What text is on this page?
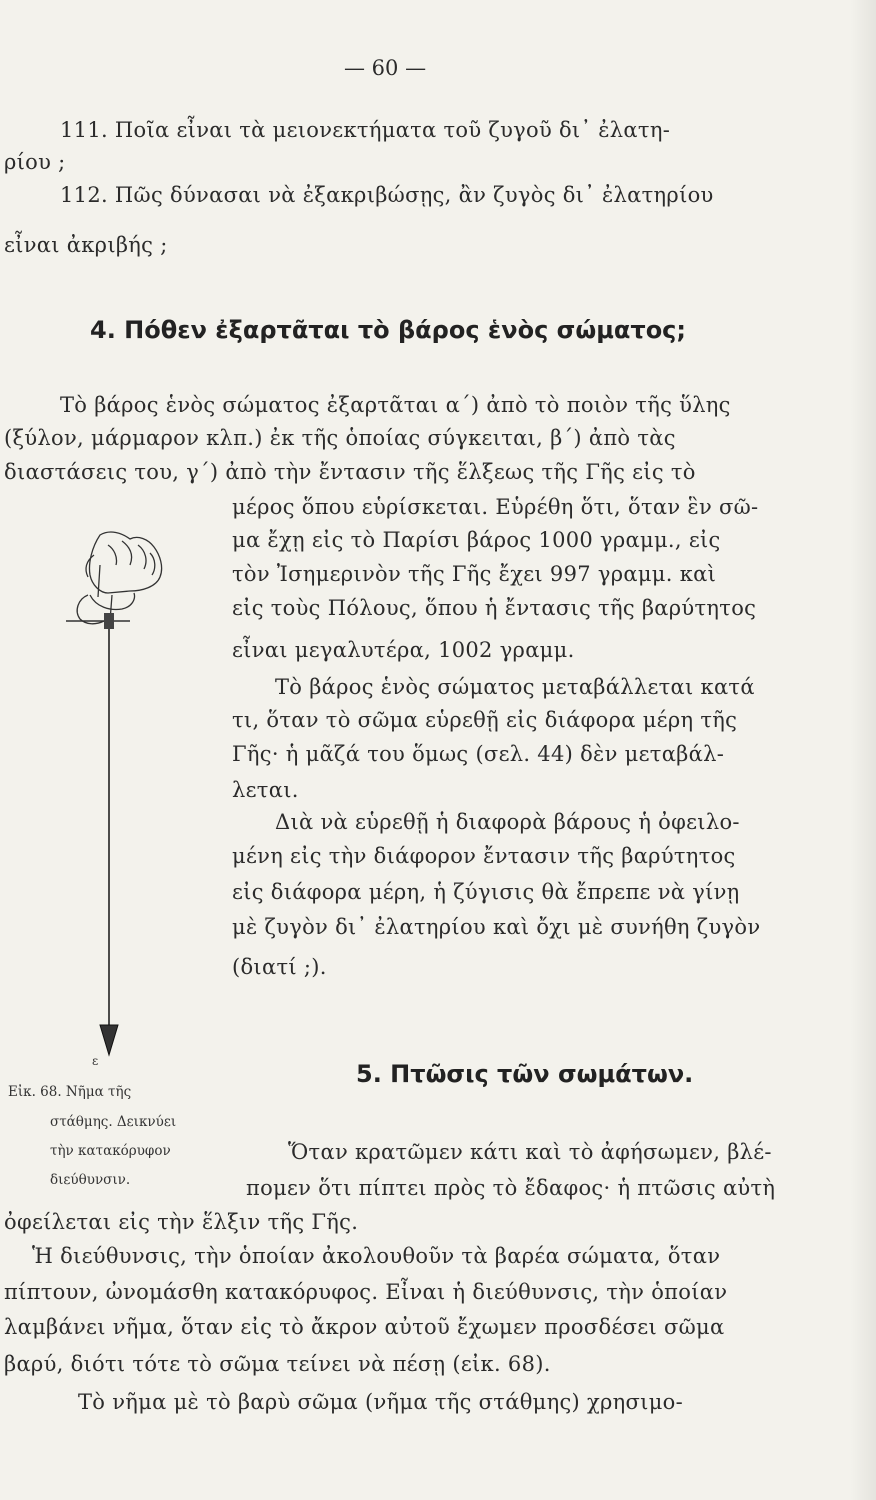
— 60 —
111. Ποῖα εἶναι τὰ μειονεκτήματα τοῦ ζυγοῦ δι᾽ ἐλατη-
ρίου ;
112. Πῶς δύνασαι νὰ ἐξακριβώσῃς, ἂν ζυγὸς δι᾽ ἐλατηρίου
εἶναι ἀκριβής ;
4. Πόθεν ἐξαρτᾶται τὸ βάρος ἑνὸς σώματος;
Τὸ βάρος ἑνὸς σώματος ἐξαρτᾶται α΄) ἀπὸ τὸ ποιὸν τῆς ὕλης
(ξύλον, μάρμαρον κλπ.) ἐκ τῆς ὁποίας σύγκειται, β΄) ἀπὸ τὰς
διαστάσεις του, γ΄) ἀπὸ τὴν ἔντασιν τῆς ἕλξεως τῆς Γῆς εἰς τὸ
μέρος ὅπου εὑρίσκεται. Εὑρέθη ὅτι, ὅταν ἓν σῶ-
μα ἔχῃ εἰς τὸ Παρίσι βάρος 1000 γραμμ., εἰς
τὸν Ἰσημερινὸν τῆς Γῆς ἔχει 997 γραμμ. καὶ
εἰς τοὺς Πόλους, ὅπου ἡ ἔντασις τῆς βαρύτητος
εἶναι μεγαλυτέρα, 1002 γραμμ.
Τὸ βάρος ἑνὸς σώματος μεταβάλλεται κατά
τι, ὅταν τὸ σῶμα εὑρεθῇ εἰς διάφορα μέρη τῆς
Γῆς· ἡ μᾶζά του ὅμως (σελ. 44) δὲν μεταβάλ-
λεται.
Διὰ νὰ εὑρεθῇ ἡ διαφορὰ βάρους ἡ ὀφειλο-
μένη εἰς τὴν διάφορον ἔντασιν τῆς βαρύτητος
εἰς διάφορα μέρη, ἡ ζύγισις θὰ ἔπρεπε νὰ γίνῃ
μὲ ζυγὸν δι᾽ ἐλατηρίου καὶ ὄχι μὲ συνήθη ζυγὸν
(διατί ;).
ε
Εἰκ. 68. Νῆμα τῆς
στάθμης. Δεικνύει
τὴν κατακόρυφον
διεύθυνσιν.
5. Πτῶσις τῶν σωμάτων.
Ὅταν κρατῶμεν κάτι καὶ τὸ ἀφήσωμεν, βλέ-
πομεν ὅτι πίπτει πρὸς τὸ ἔδαφος· ἡ πτῶσις αὐτὴ
ὀφείλεται εἰς τὴν ἕλξιν τῆς Γῆς.
Ἡ διεύθυνσις, τὴν ὁποίαν ἀκολουθοῦν τὰ βαρέα σώματα, ὅταν
πίπτουν, ὠνομάσθη κατακόρυφος. Εἶναι ἡ διεύθυνσις, τὴν ὁποίαν
λαμβάνει νῆμα, ὅταν εἰς τὸ ἄκρον αὐτοῦ ἔχωμεν προσδέσει σῶμα
βαρύ, διότι τότε τὸ σῶμα τείνει νὰ πέσῃ (εἰκ. 68).
Τὸ νῆμα μὲ τὸ βαρὺ σῶμα (νῆμα τῆς στάθμης) χρησιμο-
